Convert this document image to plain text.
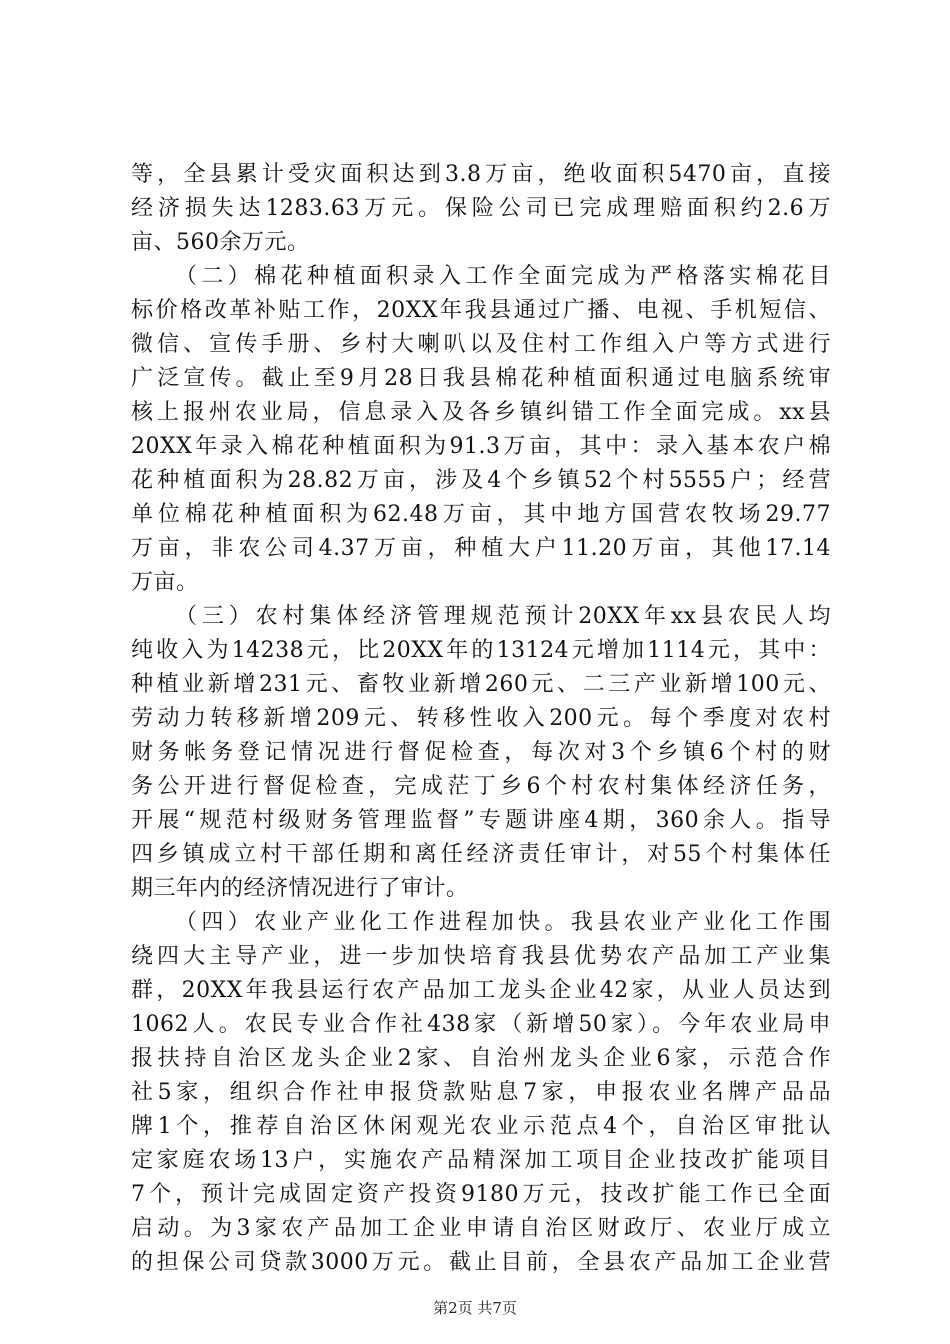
等，全县累计受灾面积达到3.8万亩，绝收面积5470亩，直接
经济损失达1283.63万元。保险公司已完成理赔面积约2.6万
亩、560余万元。
（二）棉花种植面积录入工作全面完成为严格落实棉花目
标价格改革补贴工作，20XX年我县通过广播、电视、手机短信、
微信、宣传手册、乡村大喇叭以及住村工作组入户等方式进行
广泛宣传。截止至9月28日我县棉花种植面积通过电脑系统审
核上报州农业局，信息录入及各乡镇纠错工作全面完成。xx县
20XX年录入棉花种植面积为91.3万亩，其中：录入基本农户棉
花种植面积为28.82万亩，涉及4个乡镇52个村5555户；经营
单位棉花种植面积为62.48万亩，其中地方国营农牧场29.77
万亩，非农公司4.37万亩，种植大户11.20万亩，其他17.14
万亩。
（三）农村集体经济管理规范预计20XX年xx县农民人均
纯收入为14238元，比20XX年的13124元增加1114元，其中：
种植业新增231元、畜牧业新增260元、二三产业新增100元、
劳动力转移新增209元、转移性收入200元。每个季度对农村
财务帐务登记情况进行督促检查，每次对3个乡镇6个村的财
务公开进行督促检查，完成茫丁乡6个村农村集体经济任务，
开展“规范村级财务管理监督”专题讲座4期，360余人。指导
四乡镇成立村干部任期和离任经济责任审计，对55个村集体任
期三年内的经济情况进行了审计。
（四）农业产业化工作进程加快。我县农业产业化工作围
绕四大主导产业，进一步加快培育我县优势农产品加工产业集
群，20XX年我县运行农产品加工龙头企业42家，从业人员达到
1062人。农民专业合作社438家（新增50家）。今年农业局申
报扶持自治区龙头企业2家、自治州龙头企业6家，示范合作
社5家，组织合作社申报贷款贴息7家，申报农业名牌产品品
牌1个，推荐自治区休闲观光农业示范点4个，自治区审批认
定家庭农场13户，实施农产品精深加工项目企业技改扩能项目
7个，预计完成固定资产投资9180万元，技改扩能工作已全面
启动。为3家农产品加工企业申请自治区财政厅、农业厅成立
的担保公司贷款3000万元。截止目前，全县农产品加工企业营
第2页 共7页
